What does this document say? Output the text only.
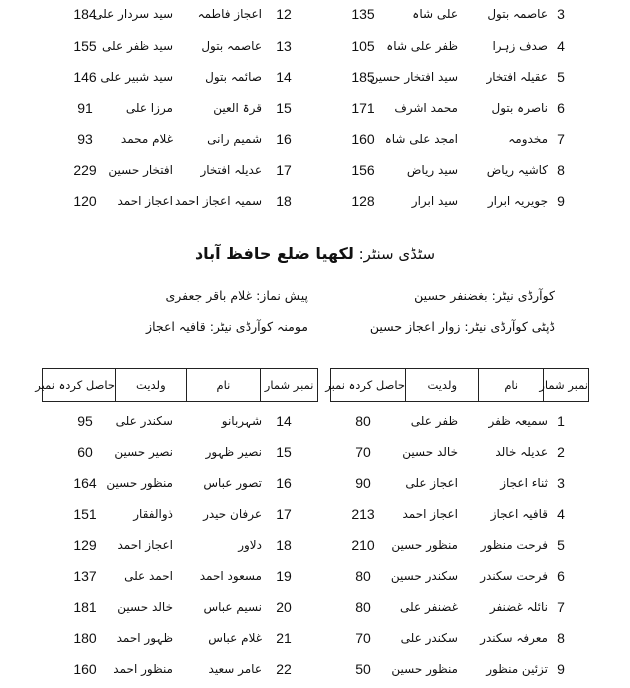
3
عاصمہ بتول
علی شاہ
135
12
اعجاز فاطمہ
سید سردار علی
184
4
صدف زہرا
ظفر علی شاہ
105
13
عاصمہ بتول
سید ظفر علی
155
5
عقیلہ افتخار
سید افتخار حسین
185
14
صائمہ بتول
سید شبیر علی
146
6
ناصرہ بتول
محمد اشرف
171
15
قرۃ العین
مرزا علی
91
7
مخدومہ
امجد علی شاہ
160
16
شمیم رانی
غلام محمد
93
8
کاشیہ ریاض
سید ریاض
156
17
عدیلہ افتخار
افتخار حسین
229
9
جویریہ ابرار
سید ابرار
128
18
سمیہ اعجاز احمد
اعجاز احمد
120
سٹڈی سنٹر: لکھیا ضلع حافظ آباد
کوآرڈی نیٹر: بغضنفر حسین
ڈپٹی کوآرڈی نیٹر: زوار اعجاز حسین
پیش نماز: غلام باقر جعفری
مومنہ کوآرڈی نیٹر: قافیہ اعجاز
نمبر شمار
نام
ولدیت
حاصل کردہ نمبر
نمبر شمار
نام
ولدیت
حاصل کردہ نمبر
1
سمیعہ ظفر
ظفر علی
80
14
شہربانو
سکندر علی
95
2
عدیلہ خالد
خالد حسین
70
15
نصیر ظہور
نصیر حسین
60
3
ثناء اعجاز
اعجاز علی
90
16
تصور عباس
منظور حسین
164
4
قافیہ اعجاز
اعجاز احمد
213
17
عرفان حیدر
ذوالفقار
151
5
فرحت منظور
منظور حسین
210
18
دلاور
اعجاز احمد
129
6
فرحت سکندر
سکندر حسین
80
19
مسعود احمد
احمد علی
137
7
نائلہ غضنفر
غضنفر علی
80
20
نسیم عباس
خالد حسین
181
8
معرفہ سکندر
سکندر علی
70
21
غلام عباس
ظہور احمد
180
9
تزئین منظور
منظور حسین
50
22
عامر سعید
منظور احمد
160
